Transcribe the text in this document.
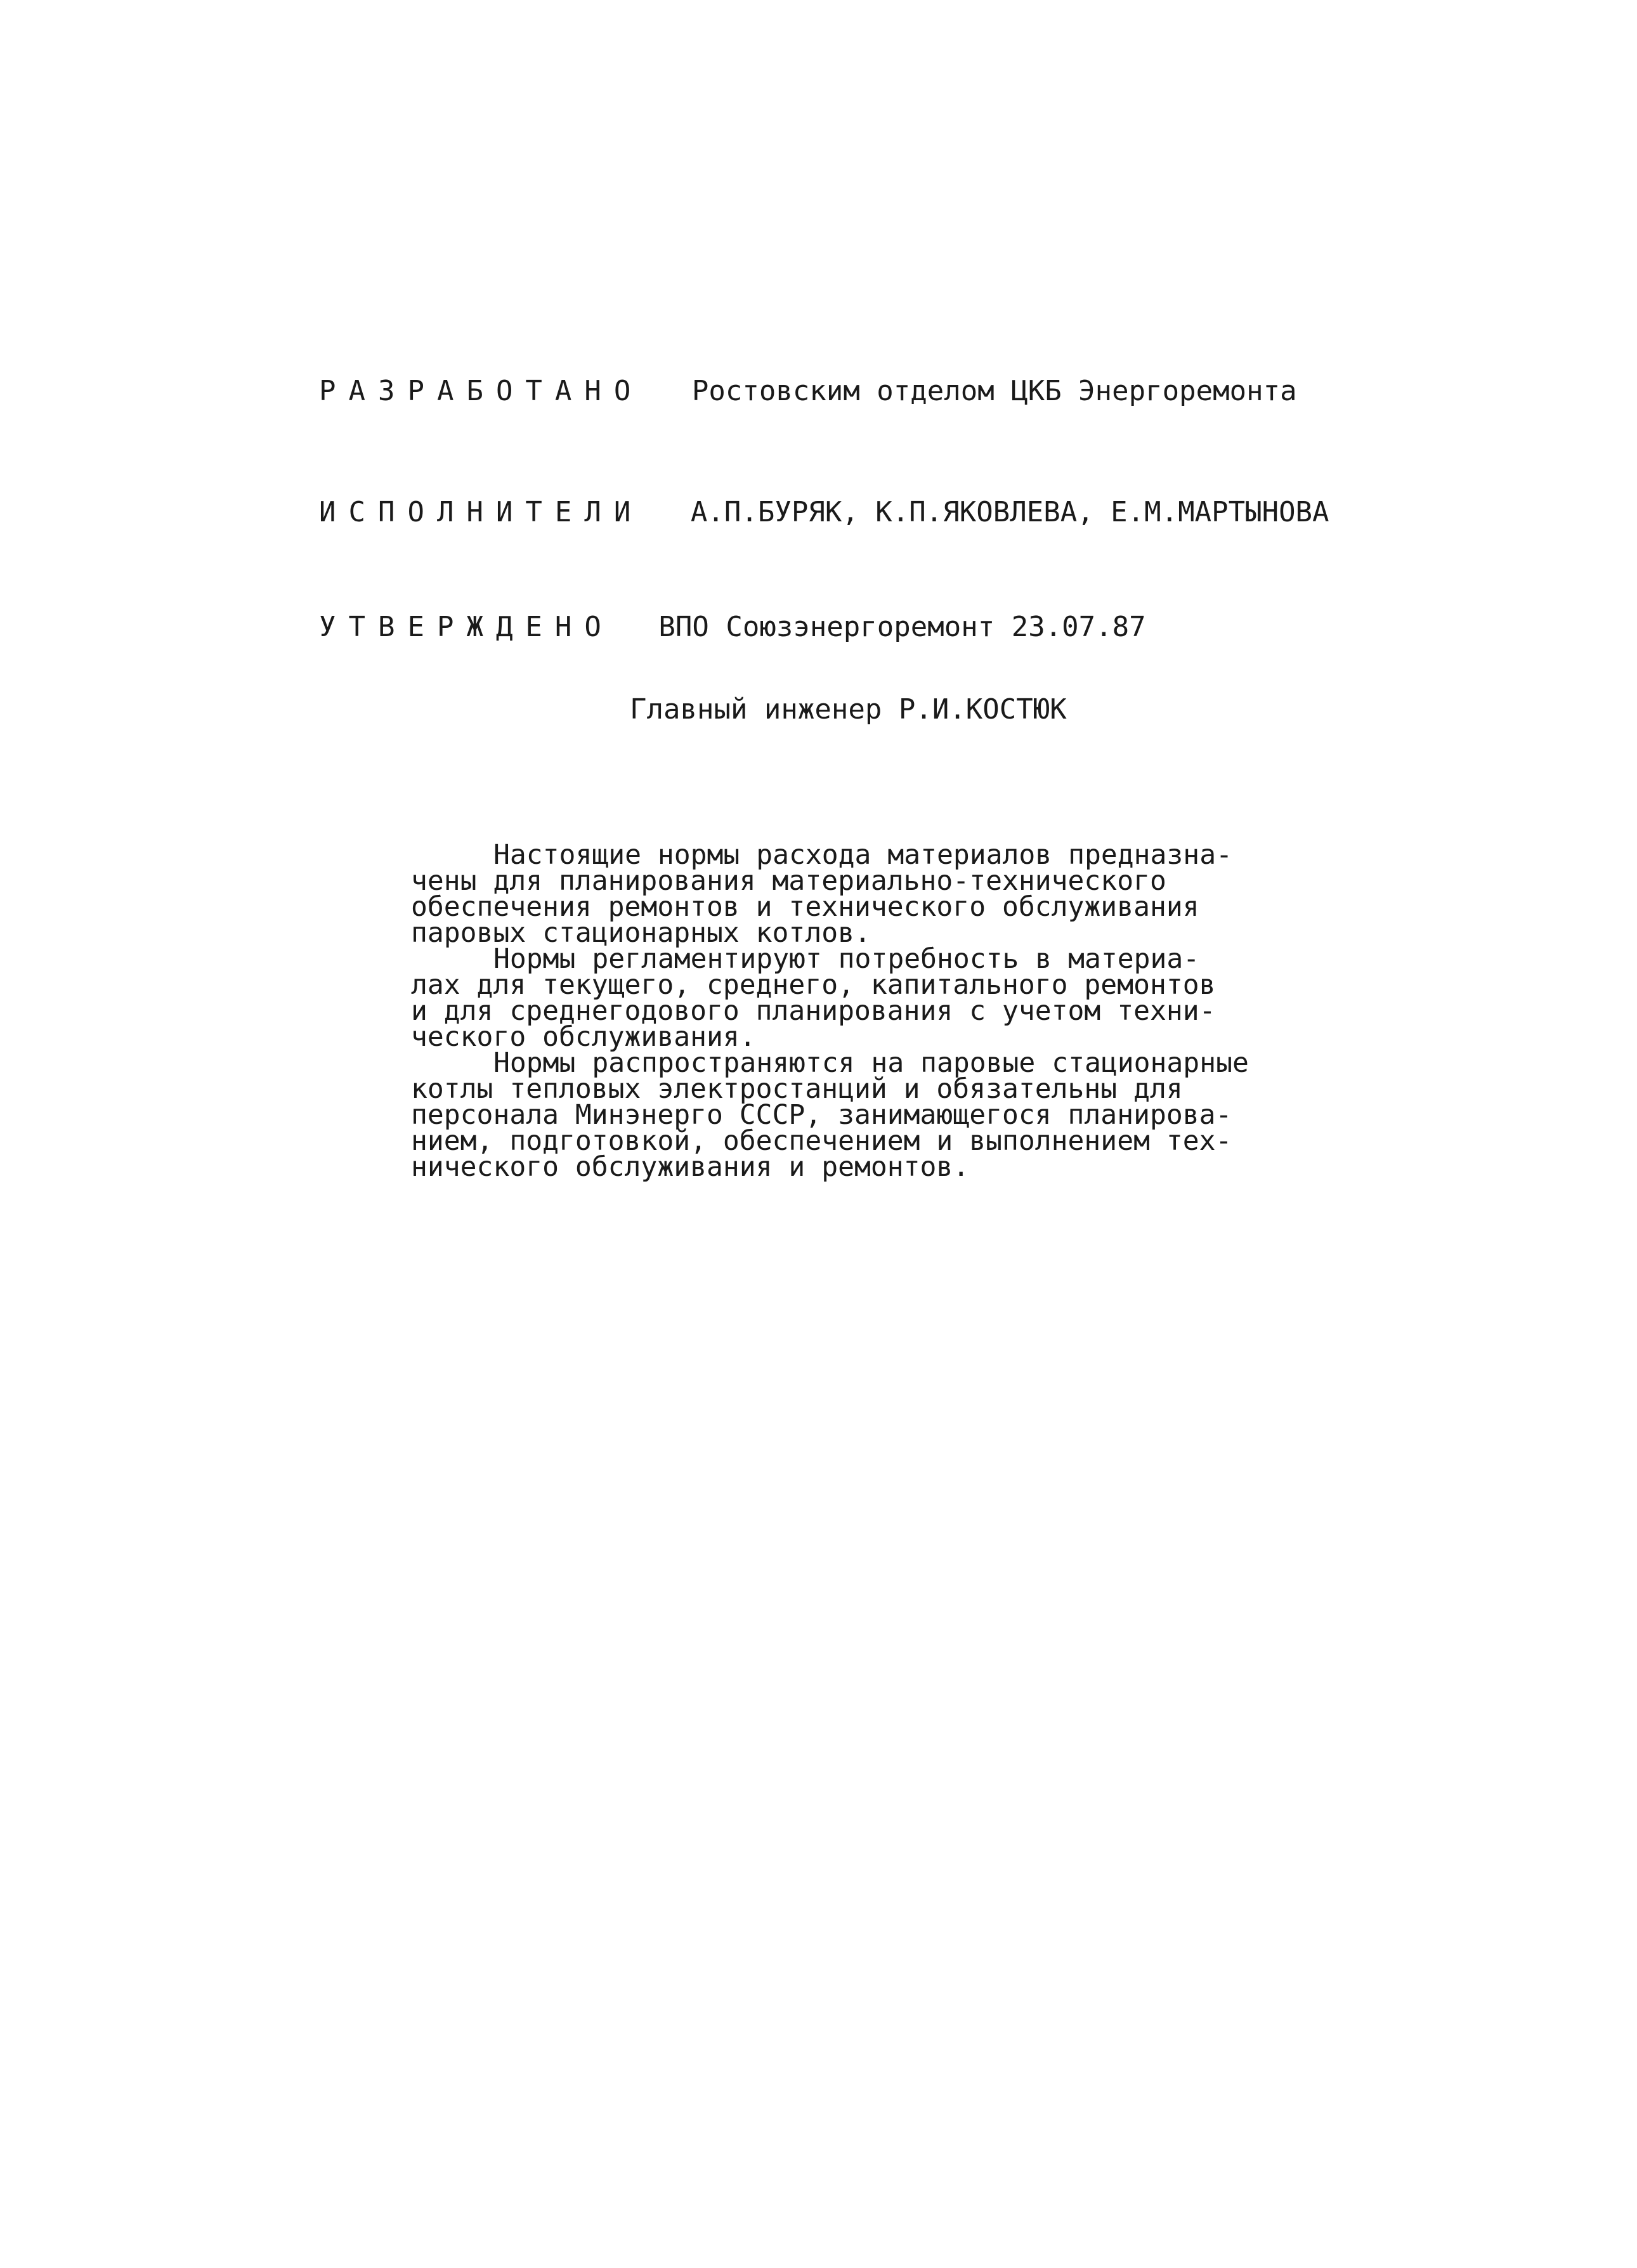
РАЗРАБОТАНО Ростовским отделом ЦКБ Энергоремонта
ИСПОЛНИТЕЛИ А.П.БУРЯК, К.П.ЯКОВЛЕВА, Е.М.МАРТЫНОВА
УТВЕРЖДЕНО ВПО Союзэнергоремонт 23.07.87
Главный инженер Р.И.КОСТЮК
Настоящие нормы расхода материалов предназна-
чены для планирования материально-технического
обеспечения ремонтов и технического обслуживания
паровых стационарных котлов.
Нормы регламентируют потребность в материа-
лах для текущего, среднего, капитального ремонтов
и для среднегодового планирования с учетом техни-
ческого обслуживания.
Нормы распространяются на паровые стационарные
котлы тепловых электростанций и обязательны для
персонала Минэнерго СССР, занимающегося планирова-
нием, подготовкой, обеспечением и выполнением тех-
нического обслуживания и ремонтов.
